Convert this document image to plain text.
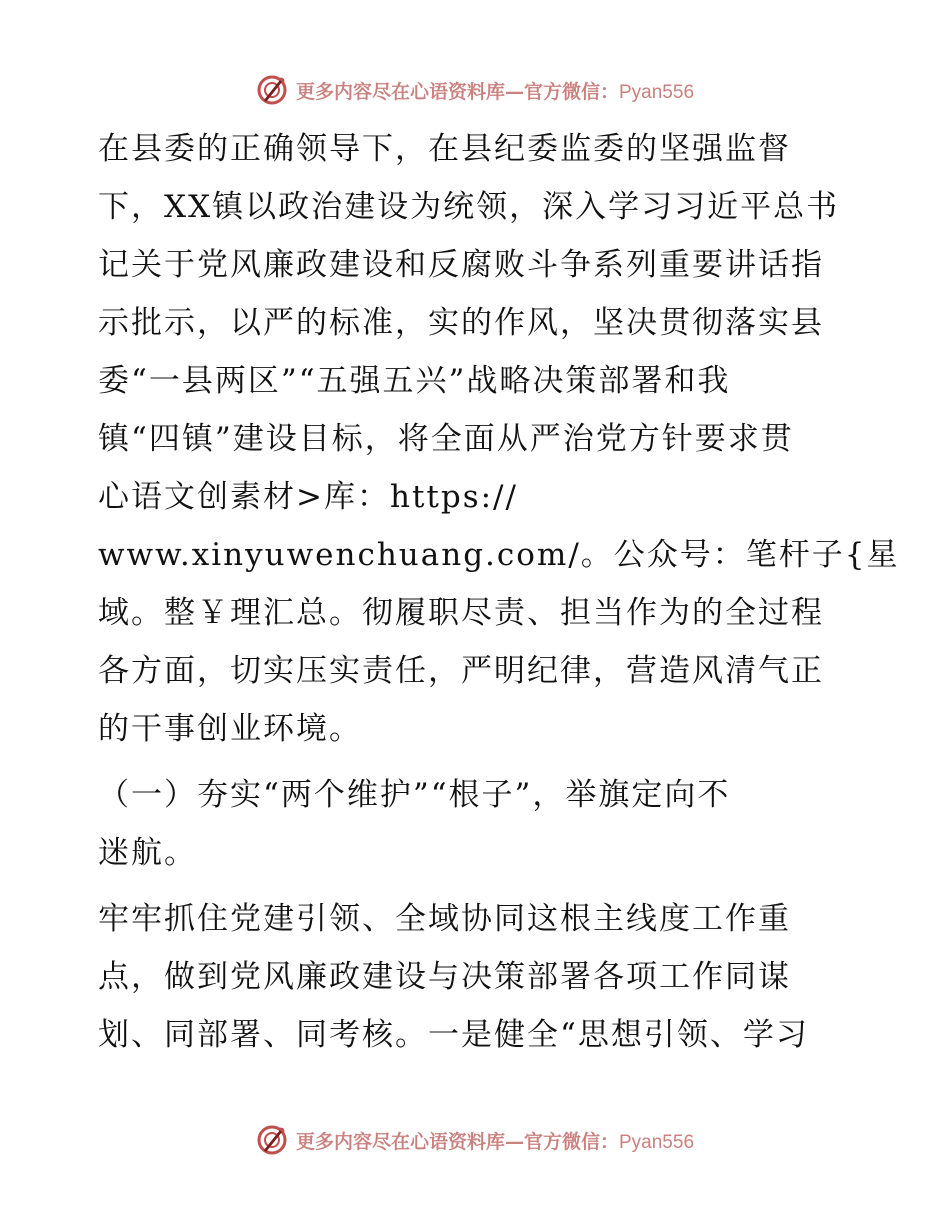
更多内容尽在心语资料库—官方微信：Pyan556
在县委的正确领导下，在县纪委监委的坚强监督
下，XX镇以政治建设为统领，深入学习习近平总书
记关于党风廉政建设和反腐败斗争系列重要讲话指
示批示，以严的标准，实的作风，坚决贯彻落实县
委“一县两区”“五强五兴”战略决策部署和我
镇“四镇”建设目标，将全面从严治党方针要求贯
心语文创素材>库：https://
www.xinyuwenchuang.com/。公众号：笔杆子{星
域。整￥理汇总。彻履职尽责、担当作为的全过程
各方面，切实压实责任，严明纪律，营造风清气正
的干事创业环境。
（一）夯实“两个维护”“根子”，举旗定向不
迷航。
牢牢抓住党建引领、全域协同这根主线度工作重
点，做到党风廉政建设与决策部署各项工作同谋
划、同部署、同考核。一是健全“思想引领、学习
更多内容尽在心语资料库—官方微信：Pyan556
